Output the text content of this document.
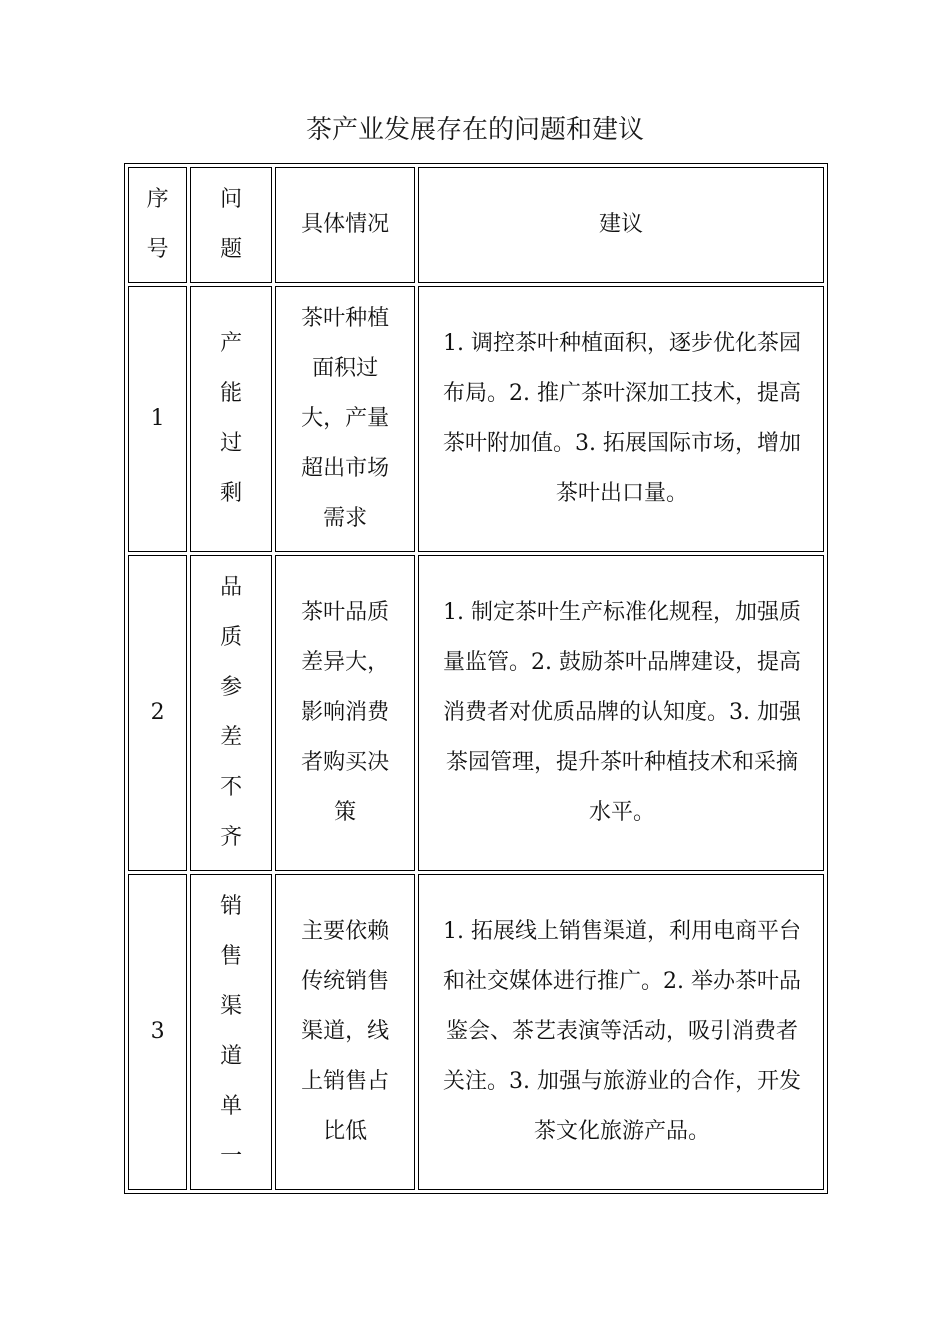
茶产业发展存在的问题和建议
序号	问题	具体情况	建议
1	产能过剩	茶叶种植面积过大，产量超出市场需求	1. 调控茶叶种植面积，逐步优化茶园布局。2. 推广茶叶深加工技术，提高茶叶附加值。3. 拓展国际市场，增加茶叶出口量。

2	品质参差不齐	茶叶品质差异大，影响消费者购买决策	1. 制定茶叶生产标准化规程，加强质量监管。2. 鼓励茶叶品牌建设，提高消费者对优质品牌的认知度。3. 加强茶园管理，提升茶叶种植技术和采摘水平。

3	销售渠道单一	主要依赖传统销售渠道，线上销售占比低	1. 拓展线上销售渠道，利用电商平台和社交媒体进行推广。2. 举办茶叶品鉴会、茶艺表演等活动，吸引消费者关注。3. 加强与旅游业的合作，开发茶文化旅游产品。
